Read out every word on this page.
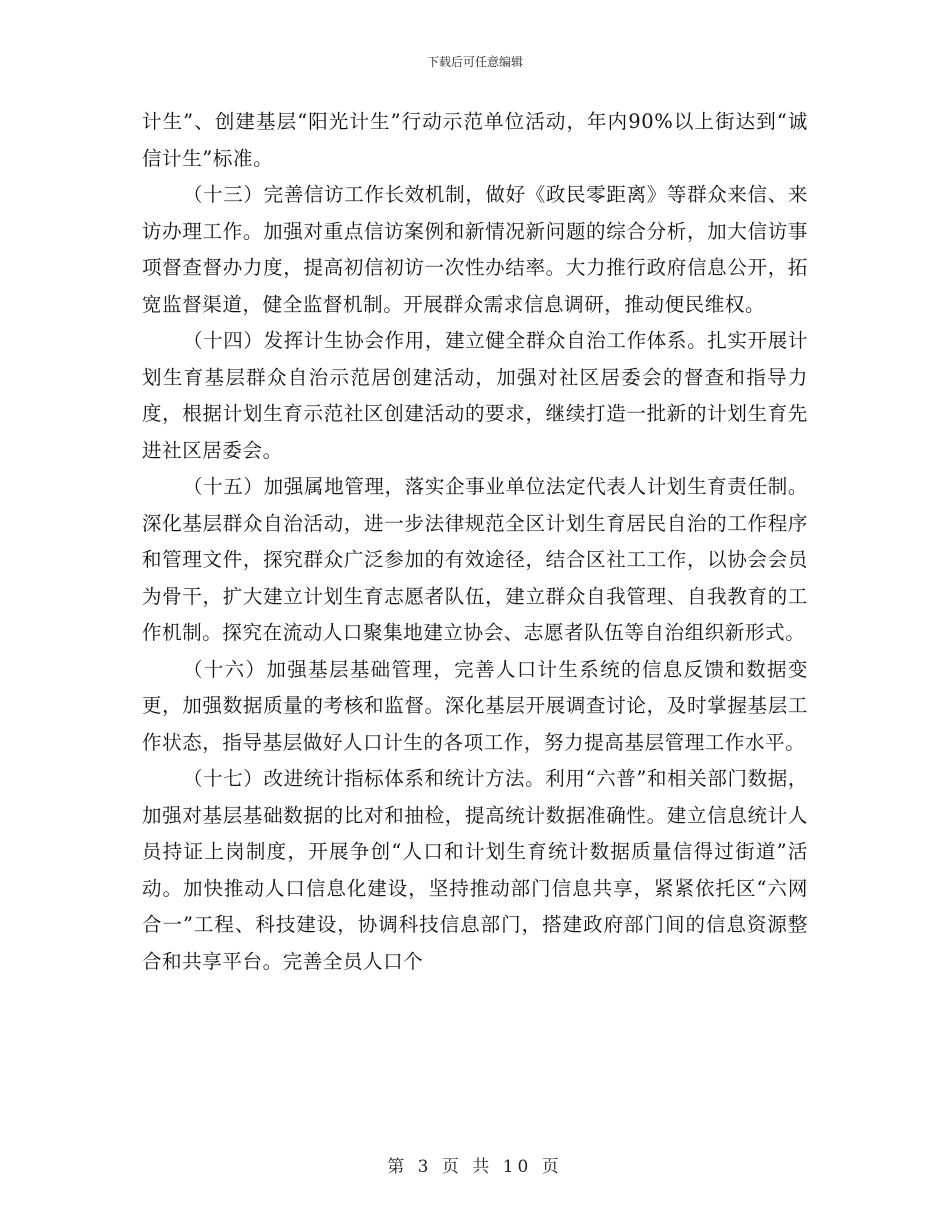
下载后可任意编辑

计生”、创建基层“阳光计生”行动示范单位活动，年内90%以上街达到“诚信计生”标准。

（十三）完善信访工作长效机制，做好《政民零距离》等群众来信、来访办理工作。加强对重点信访案例和新情况新问题的综合分析，加大信访事项督查督办力度，提高初信初访一次性办结率。大力推行政府信息公开，拓宽监督渠道，健全监督机制。开展群众需求信息调研，推动便民维权。

（十四）发挥计生协会作用，建立健全群众自治工作体系。扎实开展计划生育基层群众自治示范居创建活动，加强对社区居委会的督查和指导力度，根据计划生育示范社区创建活动的要求，继续打造一批新的计划生育先进社区居委会。

（十五）加强属地管理，落实企事业单位法定代表人计划生育责任制。深化基层群众自治活动，进一步法律规范全区计划生育居民自治的工作程序和管理文件，探究群众广泛参加的有效途径，结合区社工工作，以协会会员为骨干，扩大建立计划生育志愿者队伍，建立群众自我管理、自我教育的工作机制。探究在流动人口聚集地建立协会、志愿者队伍等自治组织新形式。

（十六）加强基层基础管理，完善人口计生系统的信息反馈和数据变更，加强数据质量的考核和监督。深化基层开展调查讨论，及时掌握基层工作状态，指导基层做好人口计生的各项工作，努力提高基层管理工作水平。

（十七）改进统计指标体系和统计方法。利用“六普”和相关部门数据，加强对基层基础数据的比对和抽检，提高统计数据准确性。建立信息统计人员持证上岗制度，开展争创“人口和计划生育统计数据质量信得过街道”活动。加快推动人口信息化建设，坚持推动部门信息共享，紧紧依托区“六网合一”工程、科技建设，协调科技信息部门，搭建政府部门间的信息资源整合和共享平台。完善全员人口个

第 3 页 共 10 页
